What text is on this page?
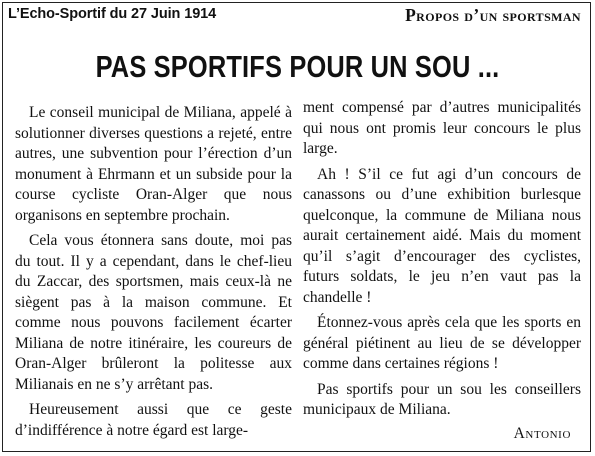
L’Echo-Sportif du 27 Juin 1914	Propos d’un sportsman
PAS SPORTIFS POUR UN SOU ...

Le conseil municipal de Miliana, appelé à solutionner diverses questions a rejeté, entre autres, une subvention pour l’érection d’un monument à Ehrmann et un subside pour la course cycliste Oran-Alger que nous organisons en septembre prochain.

Cela vous étonnera sans doute, moi pas du tout. Il y a cependant, dans le chef-lieu du Zaccar, des sportsmen, mais ceux-là ne siègent pas à la maison commune. Et comme nous pouvons facilement écarter Miliana de notre itinéraire, les coureurs de Oran-Alger brûleront la politesse aux Milianais en ne s’y arrêtant pas.

Heureusement aussi que ce geste d’indifférence à notre égard est large-

ment compensé par d’autres municipalités qui nous ont promis leur concours le plus large.

Ah ! S’il ce fut agi d’un concours de canassons ou d’une exhibition burlesque quelconque, la commune de Miliana nous aurait certainement aidé. Mais du moment qu’il s’agit d’encourager des cyclistes, futurs soldats, le jeu n’en vaut pas la chandelle !

Étonnez-vous après cela que les sports en général piétinent au lieu de se développer comme dans certaines régions !

Pas sportifs pour un sou les conseillers municipaux de Miliana.

Antonio
